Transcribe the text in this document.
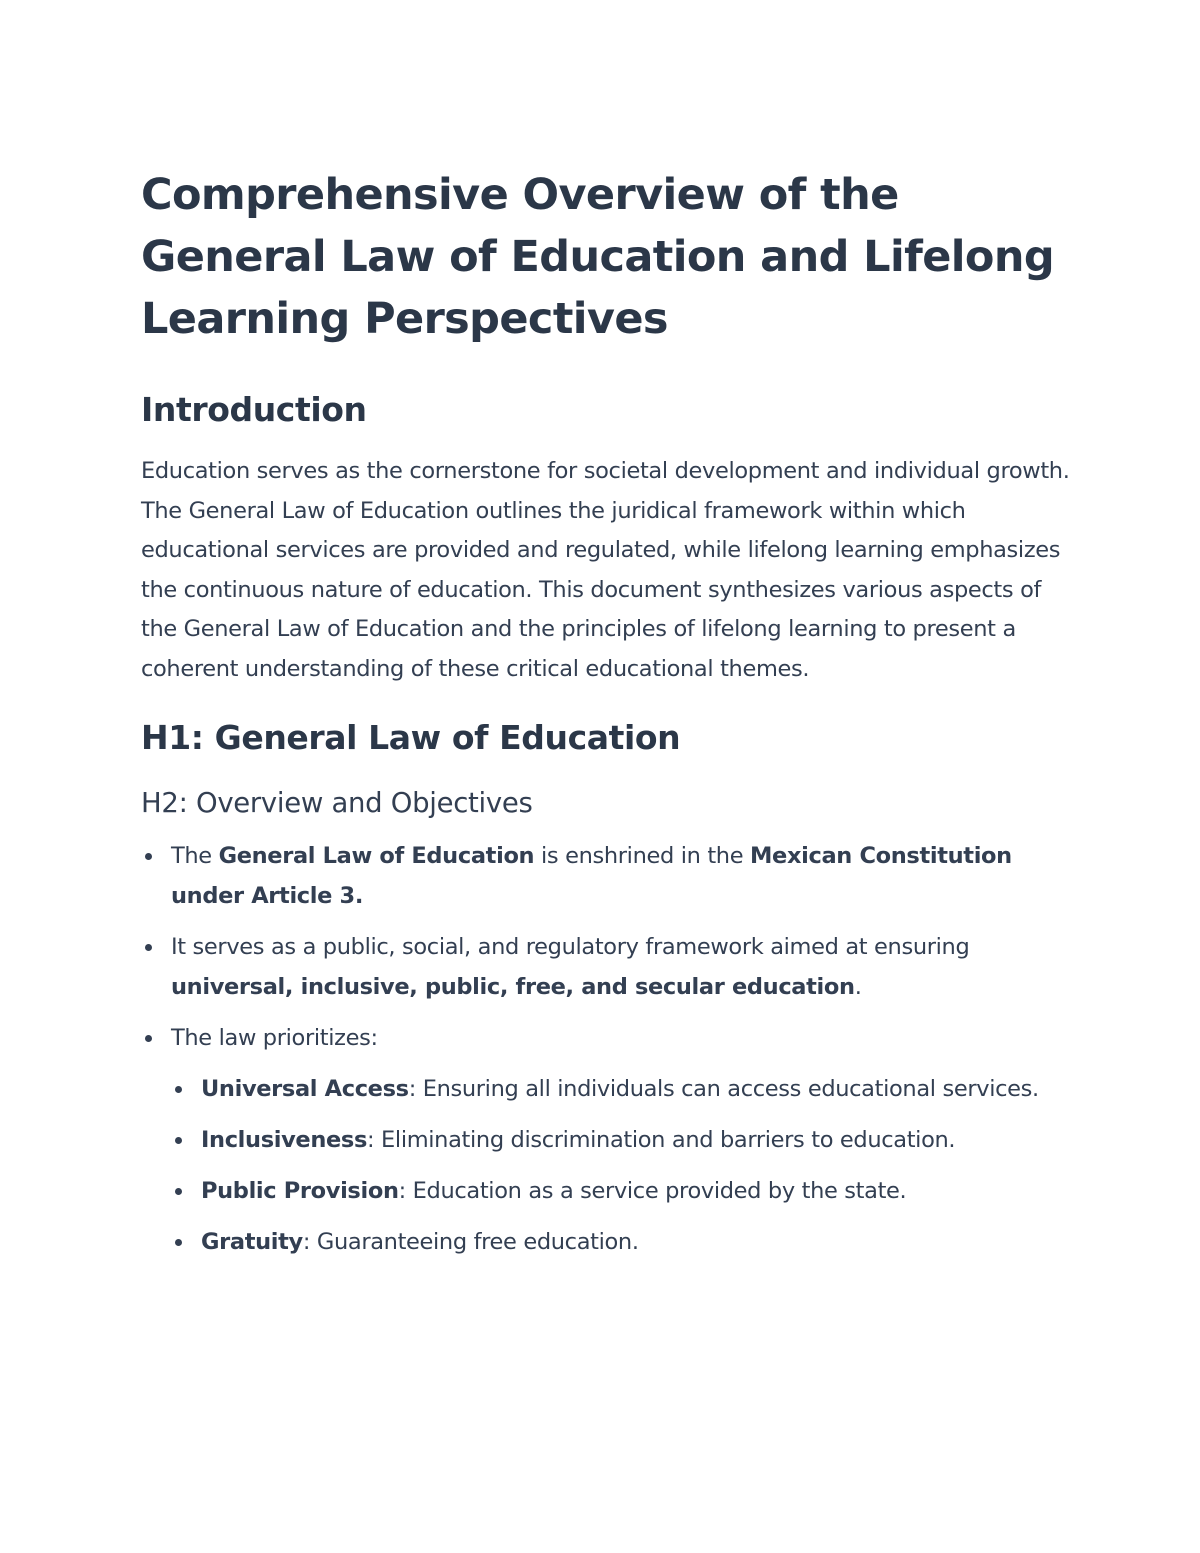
Comprehensive Overview of the General Law of Education and Lifelong Learning Perspectives
Introduction

Education serves as the cornerstone for societal development and individual growth. The General Law of Education outlines the juridical framework within which educational services are provided and regulated, while lifelong learning emphasizes the continuous nature of education. This document synthesizes various aspects of the General Law of Education and the principles of lifelong learning to present a coherent understanding of these critical educational themes.

H1: General Law of Education
H2: Overview and Objectives
The General Law of Education is enshrined in the Mexican Constitution under Article 3.
It serves as a public, social, and regulatory framework aimed at ensuring universal, inclusive, public, free, and secular education.
The law prioritizes:
Universal Access: Ensuring all individuals can access educational services.
Inclusiveness: Eliminating discrimination and barriers to education.
Public Provision: Education as a service provided by the state.
Gratuity: Guaranteeing free education.
